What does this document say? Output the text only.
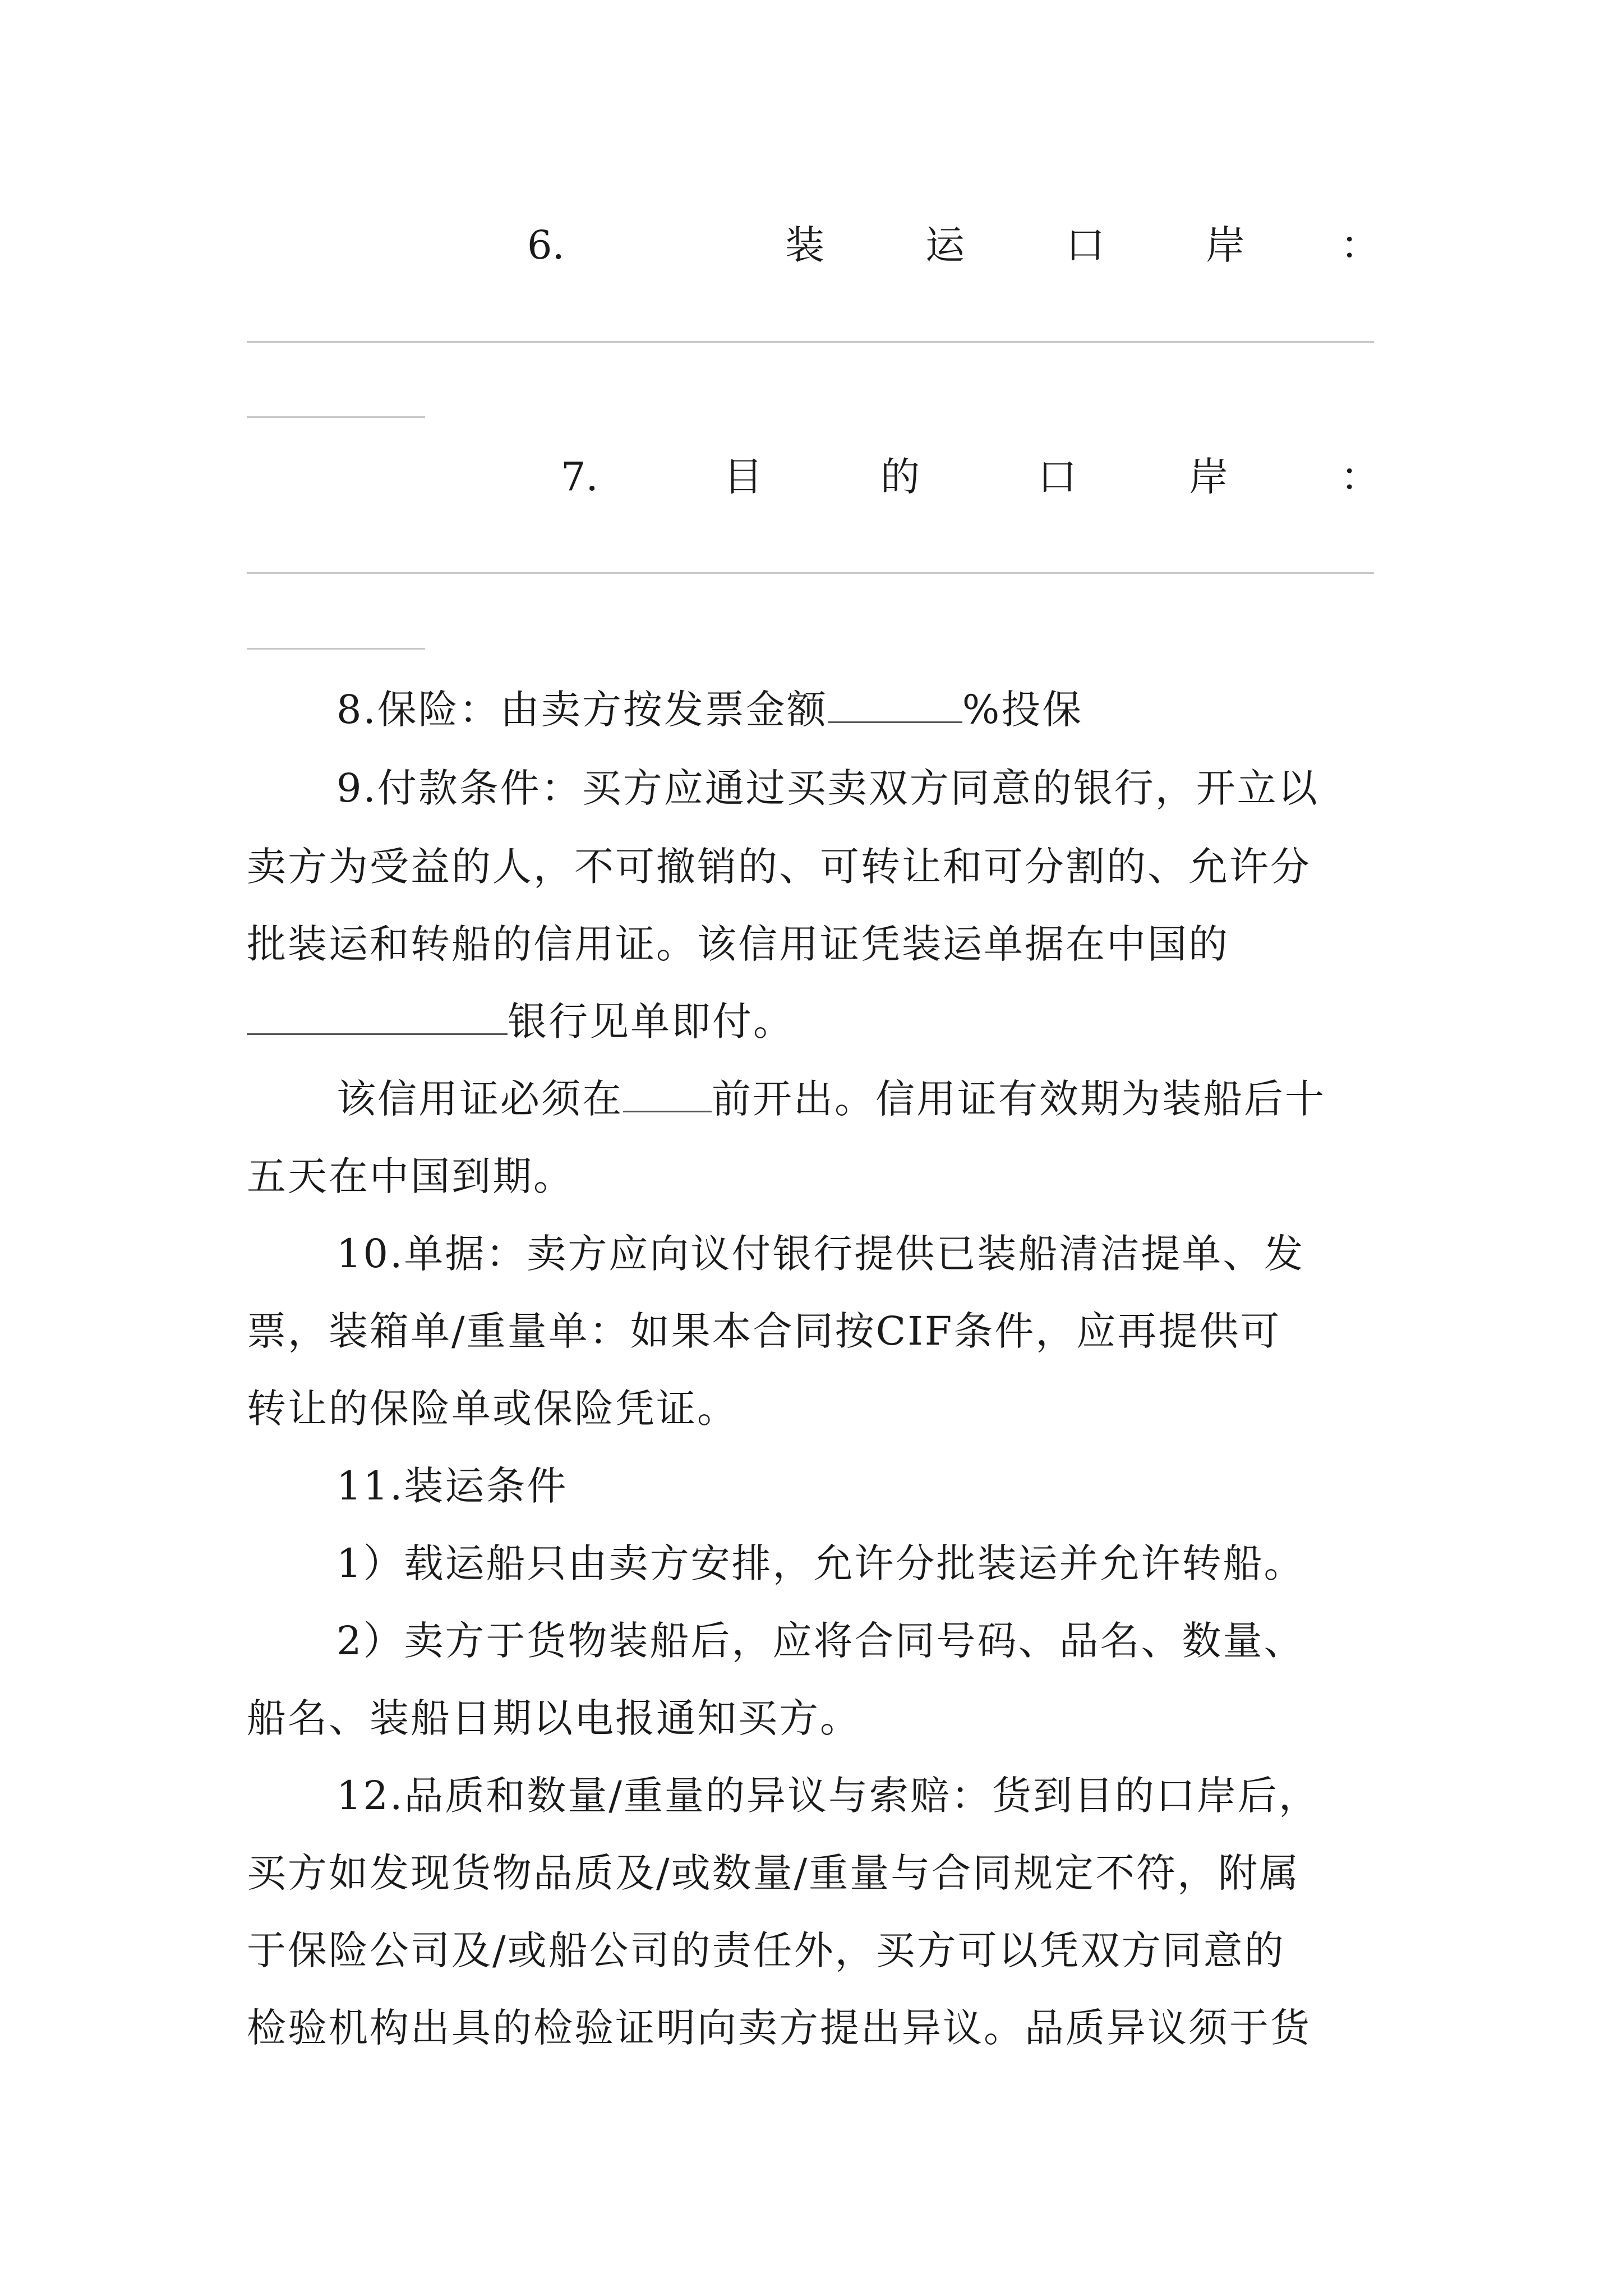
6.	装	运	口	岸 ：
7.	目	的	口	岸	：
8.保险：由卖方按发票金额	%投保
9.付款条件：买方应通过买卖双方同意的银行，开立以
卖方为受益的人，不可撤销的、可转让和可分割的、允许分
批装运和转船的信用证。该信用证凭装运单据在中国的
银行见单即付。
该信用证必须在 前开出。信用证有效期为装船后十
五天在中国到期。
10.单据：卖方应向议付银行提供已装船清洁提单、发
票，装箱单/重量单：如果本合同按CIF条件，应再提供可
转让的保险单或保险凭证。
11.装运条件
1）载运船只由卖方安排，允许分批装运并允许转船。
2）卖方于货物装船后，应将合同号码、品名、数量、
船名、装船日期以电报通知买方。
12.品质和数量/重量的异议与索赔：货到目的口岸后，
买方如发现货物品质及/或数量/重量与合同规定不符，附属
于保险公司及/或船公司的责任外，买方可以凭双方同意的
检验机构出具的检验证明向卖方提出异议。品质异议须于货
